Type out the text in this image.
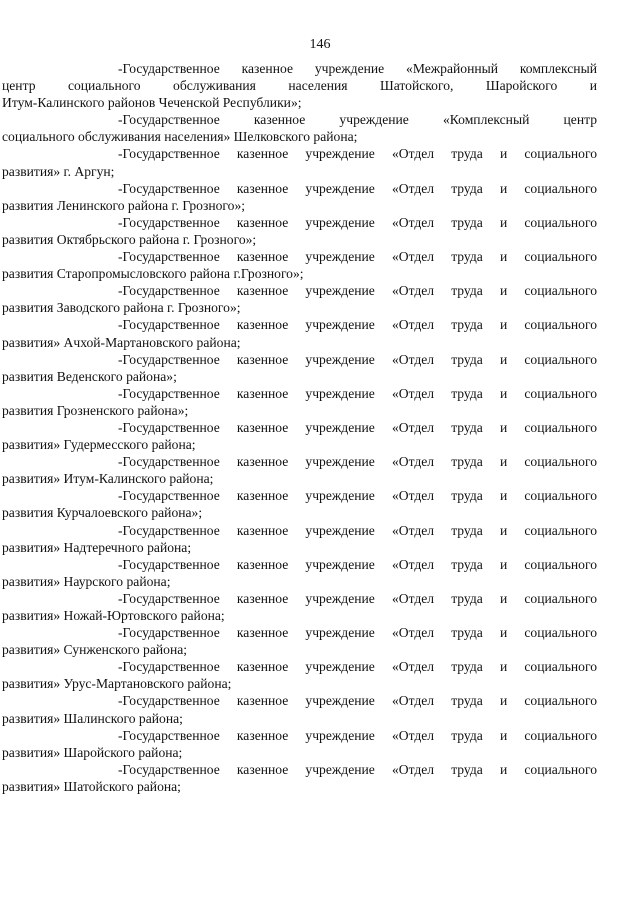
146
-Государственное казенное учреждение «Межрайонный комплексный
центр социального обслуживания населения Шатойского, Шаройского и
Итум-Калинского районов Чеченской Республики»;
-Государственное казенное учреждение «Комплексный центр
социального обслуживания населения» Шелковского района;
-Государственное казенное учреждение «Отдел труда и социального
развития» г. Аргун;
-Государственное казенное учреждение «Отдел труда и социального
развития Ленинского района г. Грозного»;
-Государственное казенное учреждение «Отдел труда и социального
развития Октябрьского района г. Грозного»;
-Государственное казенное учреждение «Отдел труда и социального
развития Старопромысловского района г.Грозного»;
-Государственное казенное учреждение «Отдел труда и социального
развития Заводского района г. Грозного»;
-Государственное казенное учреждение «Отдел труда и социального
развития» Ачхой-Мартановского района;
-Государственное казенное учреждение «Отдел труда и социального
развития Веденского района»;
-Государственное казенное учреждение «Отдел труда и социального
развития Грозненского района»;
-Государственное казенное учреждение «Отдел труда и социального
развития» Гудермесского района;
-Государственное казенное учреждение «Отдел труда и социального
развития» Итум-Калинского района;
-Государственное казенное учреждение «Отдел труда и социального
развития Курчалоевского района»;
-Государственное казенное учреждение «Отдел труда и социального
развития» Надтеречного района;
-Государственное казенное учреждение «Отдел труда и социального
развития» Наурского района;
-Государственное казенное учреждение «Отдел труда и социального
развития» Ножай-Юртовского района;
-Государственное казенное учреждение «Отдел труда и социального
развития» Сунженского района;
-Государственное казенное учреждение «Отдел труда и социального
развития» Урус-Мартановского района;
-Государственное казенное учреждение «Отдел труда и социального
развития» Шалинского района;
-Государственное казенное учреждение «Отдел труда и социального
развития» Шаройского района;
-Государственное казенное учреждение «Отдел труда и социального
развития» Шатойского района;
